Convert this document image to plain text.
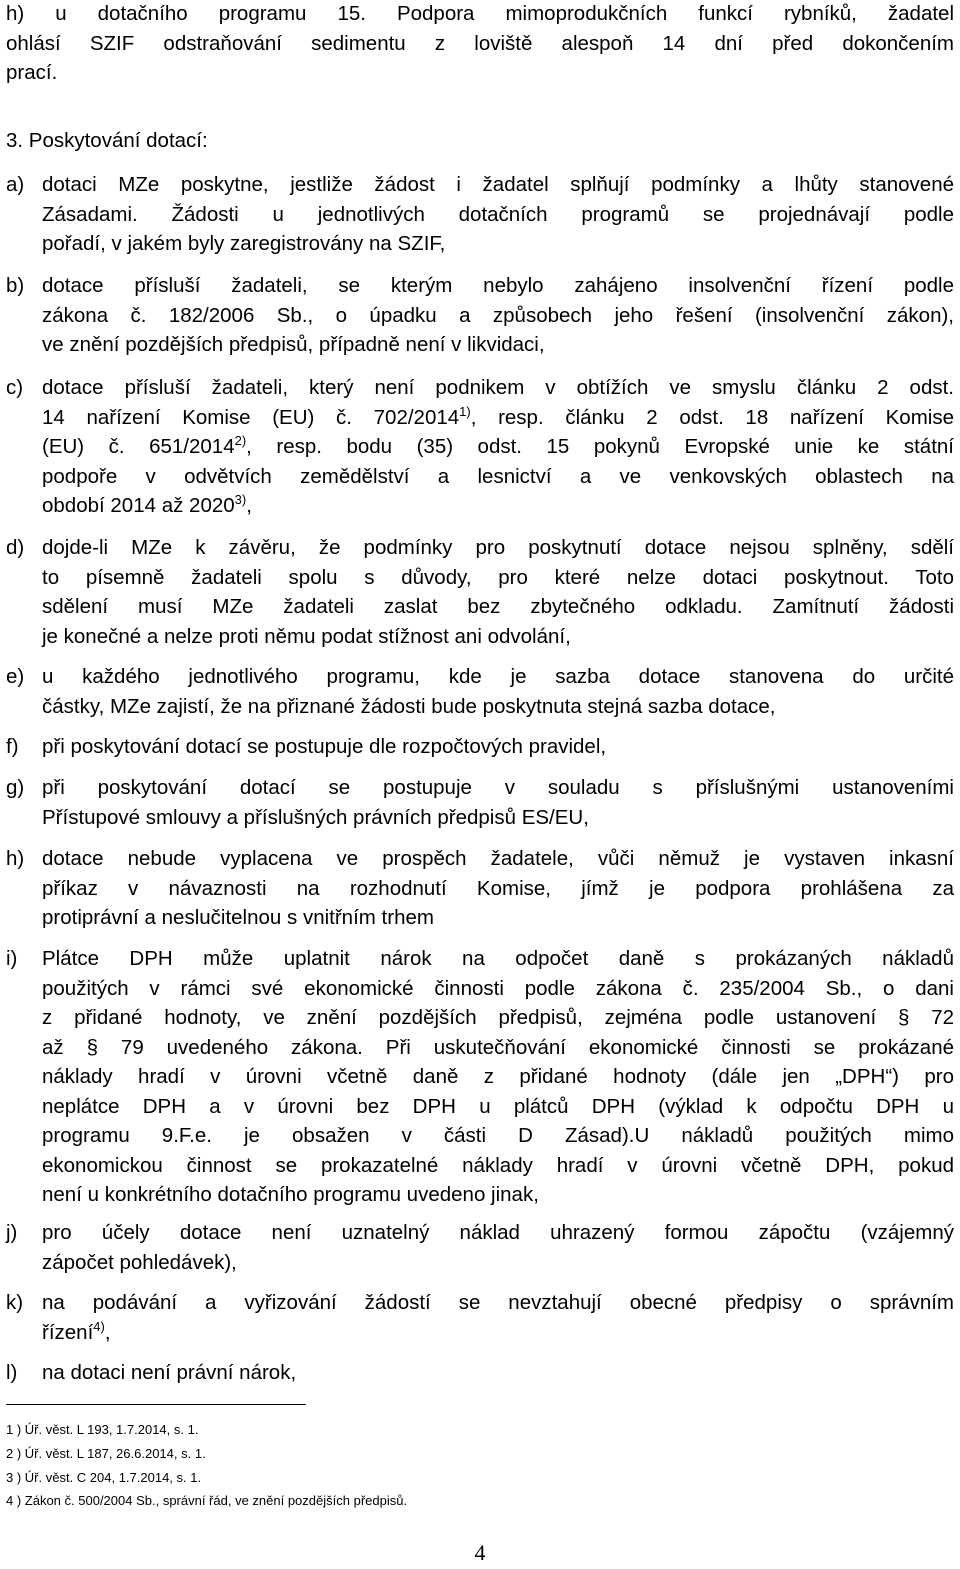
h) u dotačního programu 15. Podpora mimoprodukčních funkcí rybníků, žadatel
ohlásí SZIF odstraňování sedimentu z loviště alespoň 14 dní před dokončením
prací.
3. Poskytování dotací:
a) dotaci MZe poskytne, jestliže žádost i žadatel splňují podmínky a lhůty stanovené
Zásadami. Žádosti u jednotlivých dotačních programů se projednávají podle
pořadí, v jakém byly zaregistrovány na SZIF,
b) dotace přísluší žadateli, se kterým nebylo zahájeno insolvenční řízení podle
zákona č. 182/2006 Sb., o úpadku a způsobech jeho řešení (insolvenční zákon),
ve znění pozdějších předpisů, případně není v likvidaci,
c) dotace přísluší žadateli, který není podnikem v obtížích ve smyslu článku 2 odst.
14 nařízení Komise (EU) č. 702/2014$^{1)}$, resp. článku 2 odst. 18 nařízení Komise
(EU) č. 651/2014$^{2)}$, resp. bodu (35) odst. 15 pokynů Evropské unie ke státní
podpoře v odvětvích zemědělství a lesnictví a ve venkovských oblastech na
období 2014 až 2020$^{3)}$,
d) dojde-li MZe k závěru, že podmínky pro poskytnutí dotace nejsou splněny, sdělí
to písemně žadateli spolu s důvody, pro které nelze dotaci poskytnout. Toto
sdělení musí MZe žadateli zaslat bez zbytečného odkladu. Zamítnutí žádosti
je konečné a nelze proti němu podat stížnost ani odvolání,
e) u každého jednotlivého programu, kde je sazba dotace stanovena do určité
částky, MZe zajistí, že na přiznané žádosti bude poskytnuta stejná sazba dotace,
f) při poskytování dotací se postupuje dle rozpočtových pravidel,
g) při poskytování dotací se postupuje v souladu s příslušnými ustanoveními
Přístupové smlouvy a příslušných právních předpisů ES/EU,
h) dotace nebude vyplacena ve prospěch žadatele, vůči němuž je vystaven inkasní
příkaz v návaznosti na rozhodnutí Komise, jímž je podpora prohlášena za
protiprávní a neslučitelnou s vnitřním trhem
i) Plátce DPH může uplatnit nárok na odpočet daně s prokázaných nákladů
použitých v rámci své ekonomické činnosti podle zákona č. 235/2004 Sb., o dani
z přidané hodnoty, ve znění pozdějších předpisů, zejména podle ustanovení § 72
až § 79 uvedeného zákona. Při uskutečňování ekonomické činnosti se prokázané
náklady hradí v úrovni včetně daně z přidané hodnoty (dále jen „DPH“) pro
neplátce DPH a v úrovni bez DPH u plátců DPH (výklad k odpočtu DPH u
programu 9.F.e. je obsažen v části D Zásad).U nákladů použitých mimo
ekonomickou činnost se prokazatelné náklady hradí v úrovni včetně DPH, pokud
není u konkrétního dotačního programu uvedeno jinak,
j) pro účely dotace není uznatelný náklad uhrazený formou zápočtu (vzájemný
zápočet pohledávek),
k) na podávání a vyřizování žádostí se nevztahují obecné předpisy o správním
řízení$^{4)}$,
l) na dotaci není právní nárok,
1 ) Úř. věst. L 193, 1.7.2014, s. 1.
2 ) Úř. věst. L 187, 26.6.2014, s. 1.
3 ) Úř. věst. C 204, 1.7.2014, s. 1.
4 ) Zákon č. 500/2004 Sb., správní řád, ve znění pozdějších předpisů.
4
